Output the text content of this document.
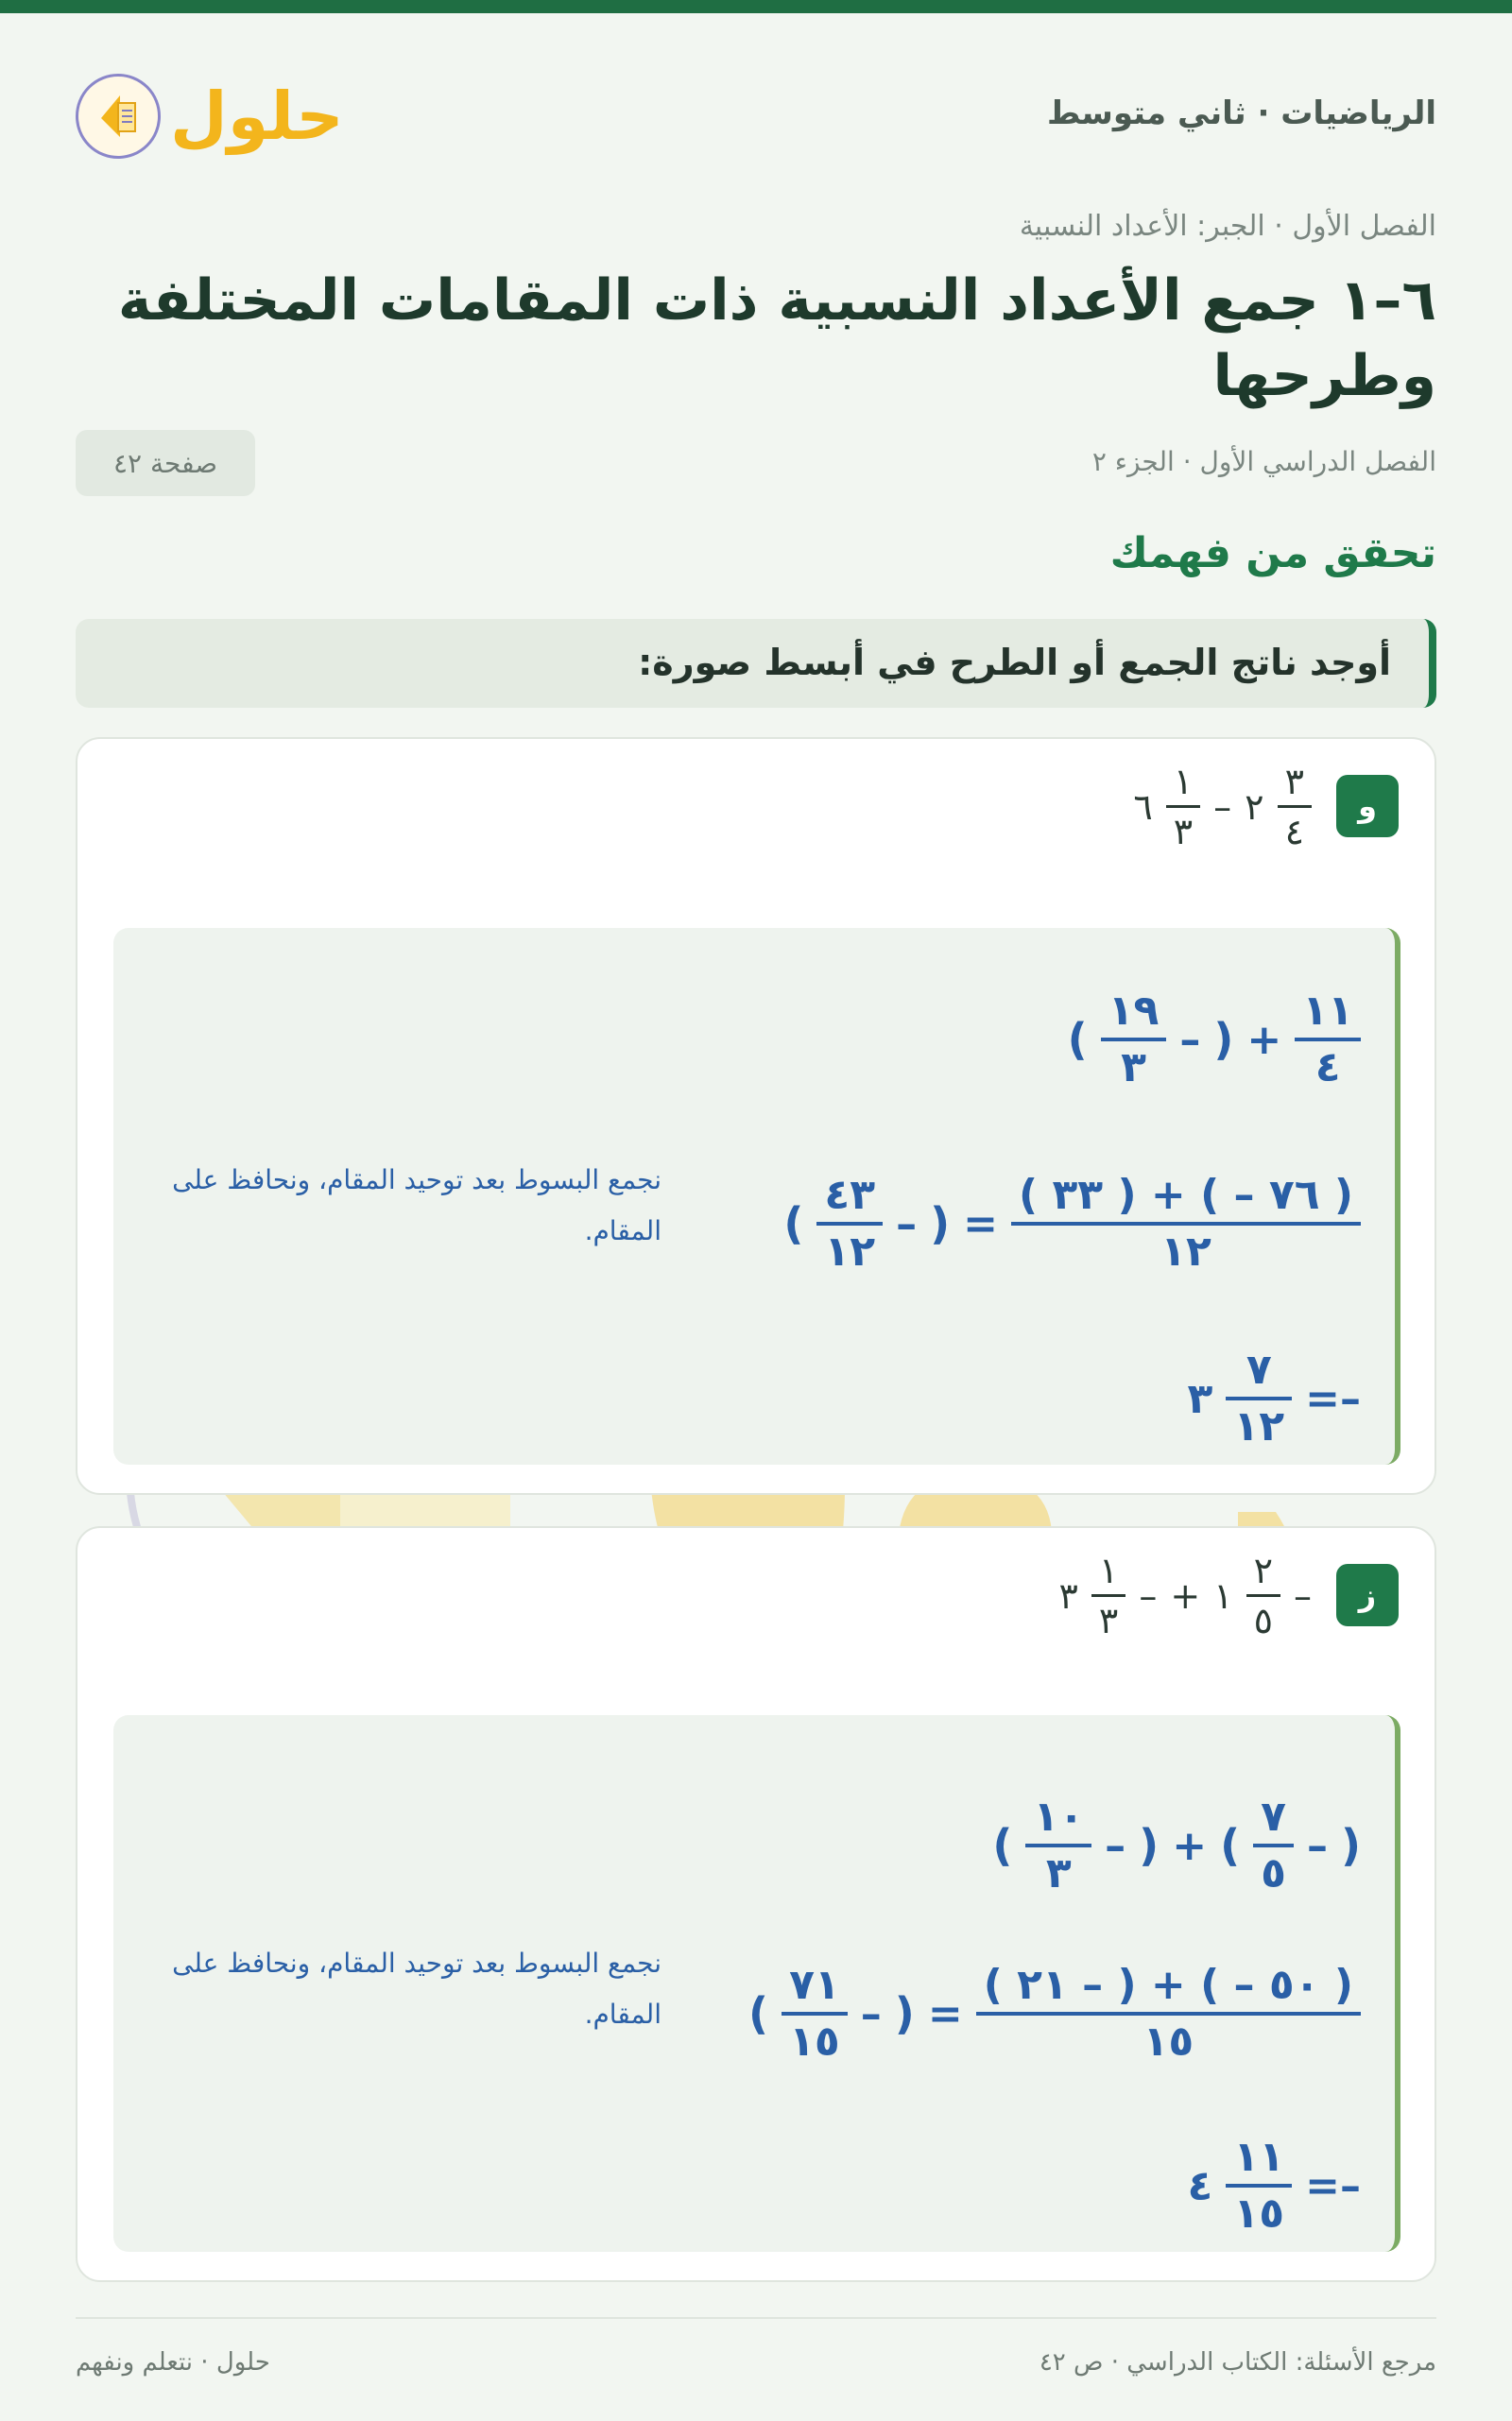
حلول	الرياضيات · ثاني متوسط
الفصل الأول · الجبر: الأعداد النسبية
٦–١ جمع الأعداد النسبية ذات المقامات المختلفة وطرحها
الفصل الدراسي الأول · الجزء ٢
صفحة ٤٢
تحقق من فهمك
أوجد ناتج الجمع أو الطرح في أبسط صورة:
و
٦ $\frac{١}{٣}$ – ٢ $\frac{٣}{٤}$
( $\frac{١٩}{٣}$ – ) + $\frac{١١}{٤}$
( $\frac{٤٣}{١٢}$ – ) = $\frac{( ٣٣ ) + ( - ٧٦ )}{١٢}$
٣ $\frac{٧}{١٢}$ =–
نجمع البسوط بعد توحيد المقام، ونحافظ على المقام.
ز
٣ $\frac{١}{٣}$ – + ١ $\frac{٢}{٥}$ –
( $\frac{١٠}{٣}$ – ) + ( $\frac{٧}{٥}$ – )
( $\frac{٧١}{١٥}$ – ) = $\frac{( ٢١ - ) + ( - ٥٠ )}{١٥}$
٤ $\frac{١١}{١٥}$ =–
نجمع البسوط بعد توحيد المقام، ونحافظ على المقام.
مرجع الأسئلة: الكتاب الدراسي · ص ٤٢
حلول · نتعلم ونفهم
